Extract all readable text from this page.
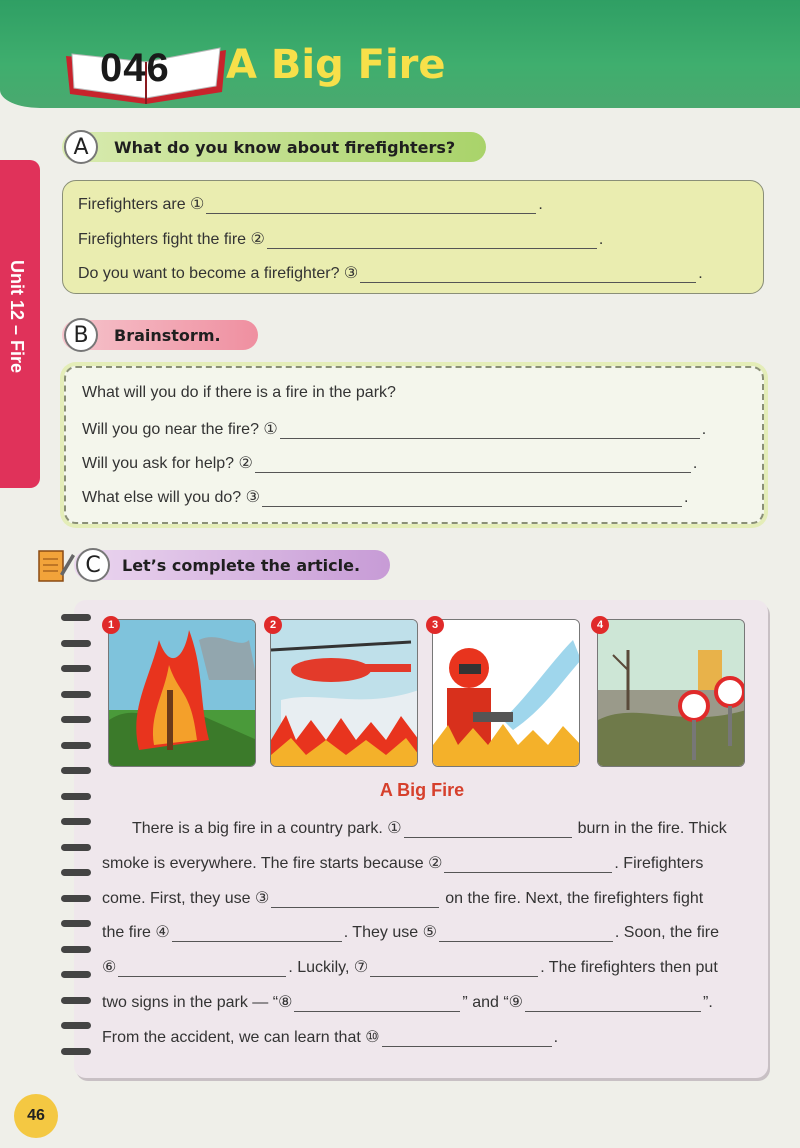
046 A Big Fire
Unit 12 – Fire
A	What do you know about firefighters?
Firefighters are ①	.
Firefighters fight the fire ②	.
Do you want to become a firefighter? ③	.
B	Brainstorm.
What will you do if there is a fire in the park?
Will you go near the fire? ①	.
Will you ask for help? ②	.
What else will you do? ③	.
C	Let’s complete the article.
1	2	3	4
A Big Fire
There is a big fire in a country park. ①	burn in the fire. Thick
smoke is everywhere. The fire starts because ②	. Firefighters
come. First, they use ③	on the fire. Next, the firefighters fight
the fire ④	. They use ⑤	. Soon, the fire
⑥	. Luckily, ⑦	. The firefighters then put
two signs in the park — “⑧	” and “⑨	”.
From the accident, we can learn that ⑩	.
46
